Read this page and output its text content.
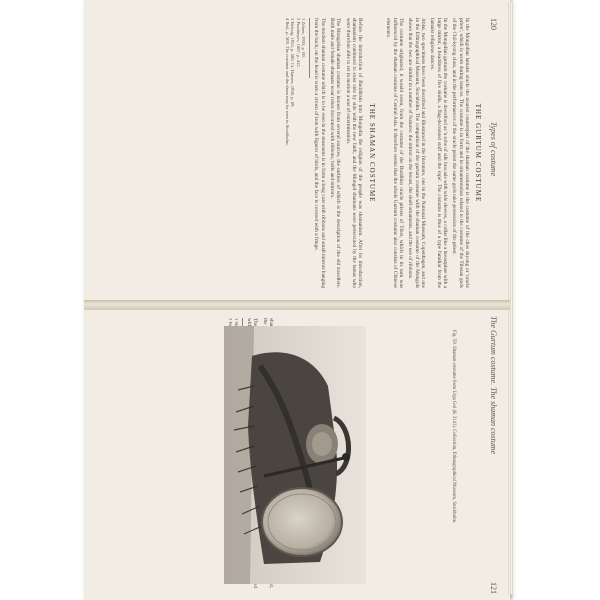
120
Types of costume
THE GURTUM COSTUME

In the Mongolian lamaist oracle the nearest counterpart of the shaman costume is the costume of the chos skyong or 'oracle priest', which is worn during trances. The costume is in form and in ornamentation related to the costume of the Tibetan gods of the Chö-kyong class, and in the performances of the oracle priest the same gods take possession of the priest.

In the Mongolian gurtum the costume is described as 'a robe of silk brocade with wide sleeves, a collar like a breastplate with a large mirror, a headdress of five skulls, a flag-decorated staff and the rope'. The costume is thus of a type familiar from the lamaist religious dances.

Ablai, two specimens have been described and illustrated in the literature, one in the National Museum, Copenhagen, and one in the Ethnographical Museum, Stockholm. The comparison of the gurtum costume with the shaman costume of the Mongols shows that the two are similar in a number of features: the mirror on the breast, the skull ornaments, and the use of ribbons.

The costume originated, it would seem, from the costume of the Buddhist oracle priests of Tibet, which in its turn was influenced by the shaman costume of Central Asia. It therefore seems that the whole Gurtum costume also consists of Chinese elements.

THE SHAMAN COSTUME

Before the introduction of Buddhism into Mongolia the religion of the people was shamanism. After its introduction, shamanism continued to exist side by side with the new faith, and the Mongol shamans were persecuted by the lamas who were therefore able to set in motion a war of extermination.

The Mongolian shaman costume is known from several sources, the earliest of which is the description of the old travellers. Both male and female shamans wear robes decorated with ribbons, bells and mirrors.

The modern shaman costume which is to be seen in the museums is in form a long coat with ribbons and small mirrors hanging from the back; on the head is worn a crown of iron with figures of birds, and the face is covered with a fringe.

1 Zöhrer, 1955, p. 69.
2 Pozdneyev, 1887, p. 412.
3 Heissig, 1953, p. 500. Cf. Hansen, 1950, p. 89.
4 Ibid., p. 509. The costume and the drum may be seen in Stockholm.
The Gurtum costume. The shaman costume
121

Fig. 59. Shaman costume from Urga Gol (K 3141). Collection, Ethnographical Museum, Stockholm.
